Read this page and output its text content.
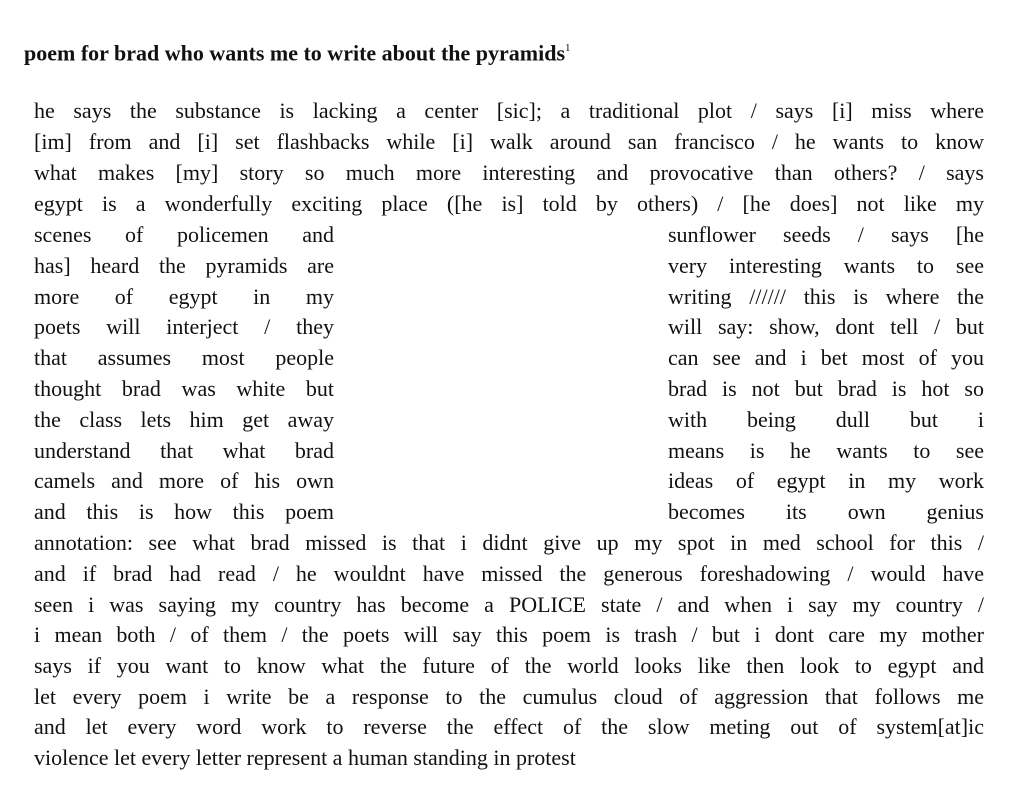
poem for brad who wants me to write about the pyramids$^1$
he says the substance is lacking a center [sic]; a traditional plot / says [i] miss where
[im] from and [i] set flashbacks while [i] walk around san francisco / he wants to know
what makes [my] story so much more interesting and provocative than others? / says
egypt is a wonderfully exciting place ([he is] told by others) / [he does] not like my
scenes of policemen and
has] heard the pyramids are
more of egypt in my
poets will interject / they
that assumes most people
thought brad was white but
the class lets him get away
understand that what brad
camels and more of his own
and this is how this poem
sunflower seeds / says [he
very interesting wants to see
writing ////// this is where the
will say: show, dont tell / but
can see and i bet most of you
brad is not but brad is hot so
with being dull but i
means is he wants to see
ideas of egypt in my work
becomes its own genius
annotation: see what brad missed is that i didnt give up my spot in med school for this /
and if brad had read / he wouldnt have missed the generous foreshadowing / would have
seen i was saying my country has become a POLICE state / and when i say my country /
i mean both / of them / the poets will say this poem is trash / but i dont care my mother
says if you want to know what the future of the world looks like then look to egypt and
let every poem i write be a response to the cumulus cloud of aggression that follows me
and let every word work to reverse the effect of the slow meting out of system[at]ic
violence let every letter represent a human standing in protest
